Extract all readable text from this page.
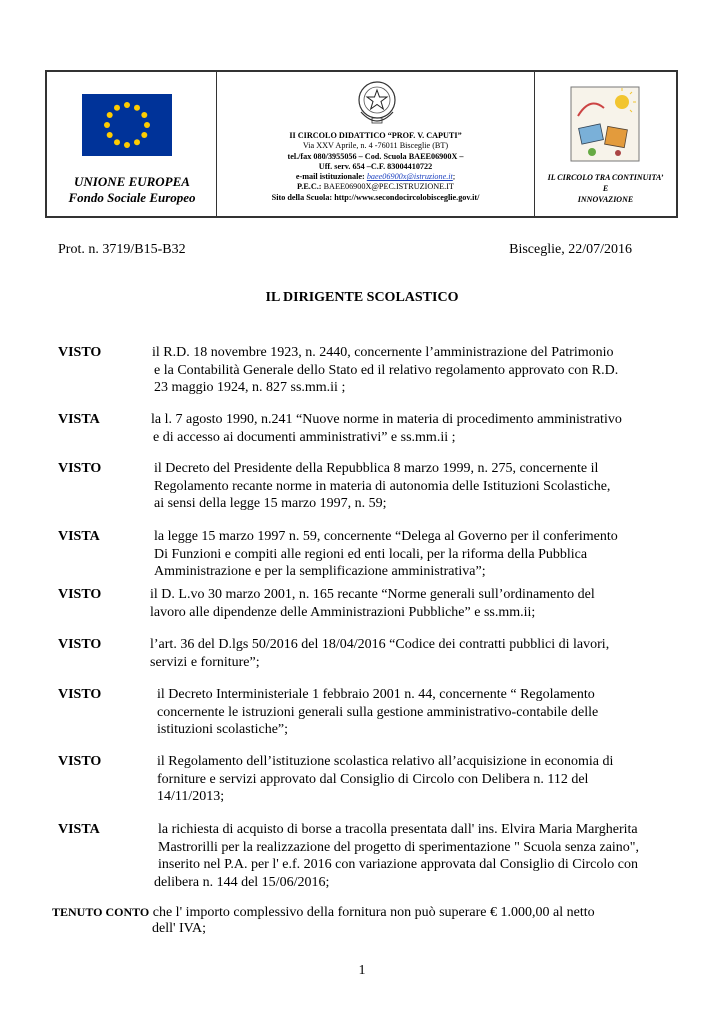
UNIONE EUROPEA
Fondo Sociale Europeo
II CIRCOLO DIDATTICO “PROF. V. CAPUTI”
Via XXV Aprile, n. 4 -76011 Bisceglie (BT)
tel./fax 080/3955056 – Cod. Scuola BAEE06900X –
Uff. serv. 654 –C.F. 83004410722
e-mail istituzionale: baee06900x@istruzione.it;
P.E.C.: BAEE06900X@PEC.ISTRUZIONE.IT
Sito della Scuola: http://www.secondocircolobisceglie.gov.it/
IL CIRCOLO TRA CONTINUITA’
E
INNOVAZIONE
Prot. n. 3719/B15-B32	Bisceglie, 22/07/2016
IL DIRIGENTE SCOLASTICO
VISTO	il R.D. 18 novembre 1923, n. 2440, concernente l’amministrazione del Patrimonio
e la Contabilità Generale dello Stato ed il relativo regolamento approvato con R.D.
23 maggio 1924, n. 827 ss.mm.ii ;
VISTA	la l. 7 agosto 1990, n.241 “Nuove norme in materia di procedimento amministrativo
e di accesso ai documenti amministrativi” e ss.mm.ii ;
VISTO	il Decreto del Presidente della Repubblica 8 marzo 1999, n. 275, concernente il
Regolamento recante norme in materia di autonomia delle Istituzioni Scolastiche,
ai sensi della legge 15 marzo 1997, n. 59;
VISTA	la legge 15 marzo 1997 n. 59, concernente “Delega al Governo per il conferimento
Di Funzioni e compiti alle regioni ed enti locali, per la riforma della Pubblica
Amministrazione e per la semplificazione amministrativa”;
VISTO	il D. L.vo 30 marzo 2001, n. 165 recante “Norme generali sull’ordinamento del
lavoro alle dipendenze delle Amministrazioni Pubbliche” e ss.mm.ii;
VISTO	l’art. 36 del D.lgs 50/2016 del 18/04/2016 “Codice dei contratti pubblici di lavori,
servizi e forniture”;
VISTO	il Decreto Interministeriale 1 febbraio 2001 n. 44, concernente “ Regolamento
concernente le istruzioni generali sulla gestione amministrativo-contabile delle
istituzioni scolastiche”;
VISTO	il Regolamento dell’istituzione scolastica relativo all’acquisizione in economia di
forniture e servizi approvato dal Consiglio di Circolo con Delibera n. 112 del
14/11/2013;
VISTA	la richiesta di acquisto di borse a tracolla presentata dall' ins. Elvira Maria Margherita
Mastrorilli per la realizzazione del progetto di sperimentazione " Scuola senza zaino",
inserito nel P.A. per l' e.f. 2016 con variazione approvata dal Consiglio di Circolo con
delibera n. 144 del 15/06/2016;
TENUTO CONTO che l' importo complessivo della fornitura non può superare € 1.000,00 al netto
dell' IVA;
1
